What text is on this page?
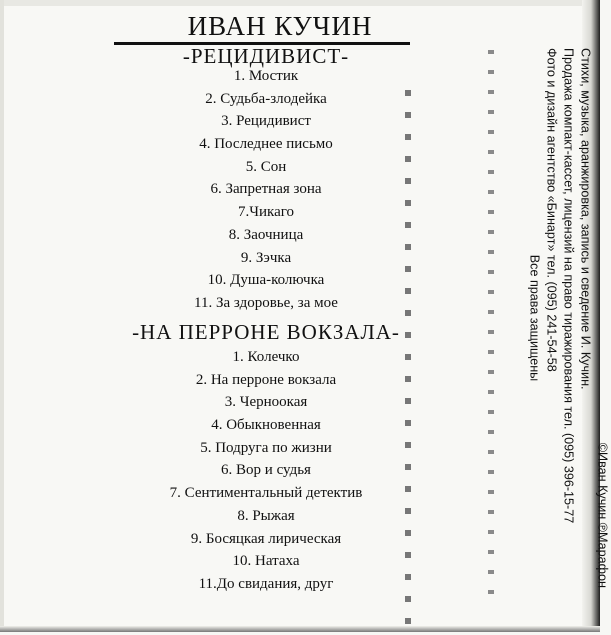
ИВАН КУЧИН
-РЕЦИДИВИСТ-
1. Мостик
2. Судьба-злодейка
3. Рецидивист
4. Последнее письмо
5. Сон
6. Запретная зона
7.Чикаго
8. Заочница
9. Зэчка
10. Душа-колючка
11. За здоровье, за мое
-НА ПЕРРОНЕ ВОКЗАЛА-
1. Колечко
2. На перроне вокзала
3. Черноокая
4. Обыкновенная
5. Подруга по жизни
6. Вор и судья
7. Сентиментальный детектив
8. Рыжая
9. Босяцкая лирическая
10. Натаха
11.До свидания, друг	©Иван Кучин ℗Марафон
Стихи, музыка, аранжировка, запись и сведение И. Кучин.
Продажа компакт-кассет, лицензий на право тиражирования тел. (095) 396-15-77
Фото и дизайн агентство «Бинарт» тел. (095) 241-54-58
Все права защищены
